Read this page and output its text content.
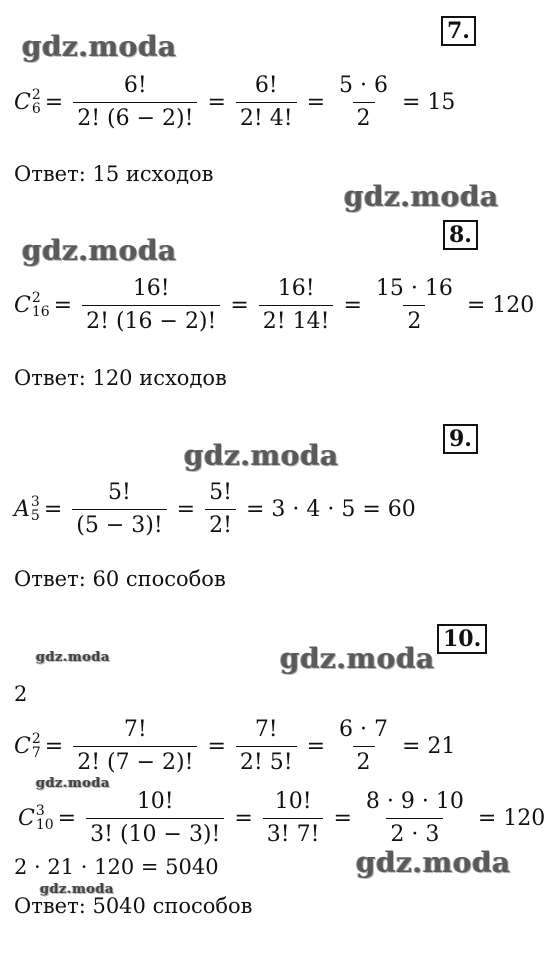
7.
gdz.moda
C 2
$6 = \frac{6!}{2! (6 - 2)!} = \frac{6!}{2! 4!} = \frac{5 \cdot 6}{2} = 15$
Ответ: 15 исходов
gdz.moda
8.
gdz.moda
C 2
$16 = \frac{16!}{2! (16 - 2)!} = \frac{16!}{2! 14!} = \frac{15 \cdot 16}{2} = 120$
Ответ: 120 исходов
9.
gdz.moda
A 3
$5 = \frac{5!}{(5 - 3)!} = \frac{5!}{2!} = 3 \cdot 4 \cdot 5 = 60$
Ответ: 60 способов
10.
gdz.moda	gdz.moda
2
C 2
$7 = \frac{7!}{2! (7 - 2)!} = \frac{7!}{2! 5!} = \frac{6 \cdot 7}{2} = 21$
gdz.moda
C 3
$10 = \frac{10!}{3! (10 - 3)!} = \frac{10!}{3! 7!} = \frac{8 \cdot 9 \cdot 10}{2 \cdot 3} = 120$
2 · 21 · 120 = 5040	gdz.moda
gdz.moda
Ответ: 5040 способов
